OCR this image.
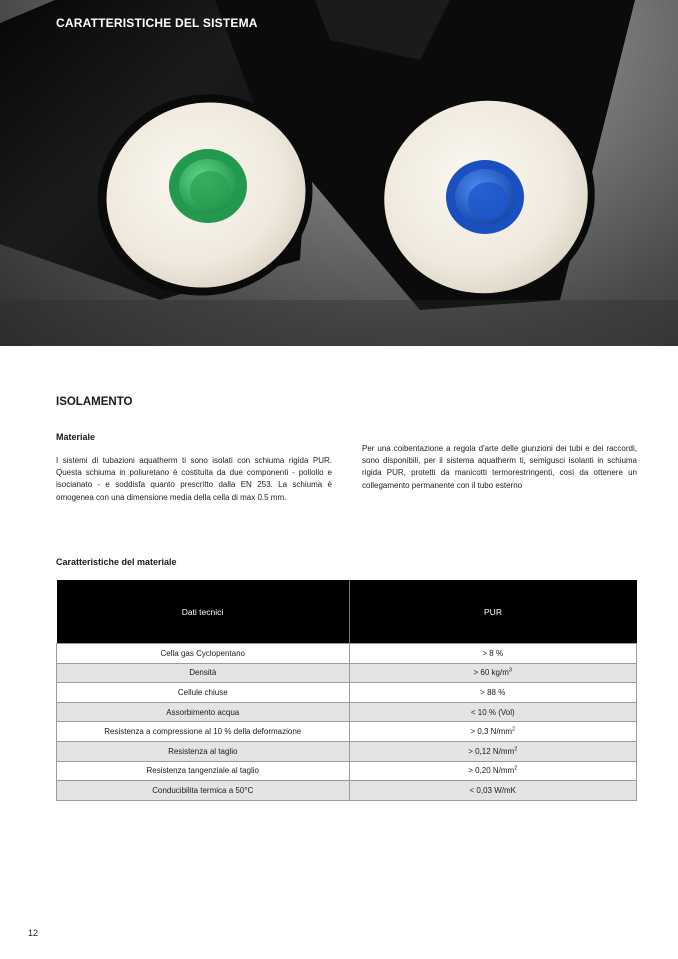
CARATTERISTICHE DEL SISTEMA
ISOLAMENTO
Materiale
I sistemi di tubazioni aquatherm ti sono isolati con schiuma rigida PUR. Questa schiuma in poliuretano è costituita da due componenti - poliolio e isocianato - e soddisfa quanto prescritto dalla EN 253. La schiuma è omogenea con una dimensione media della cella di max 0.5 mm.
Per una coibentazione a regola d'arte delle giunzioni dei tubi e dei raccordi, sono disponibili, per il sistema aquatherm ti, semigusci isolanti in schiuma rigida PUR, protetti da manicotti termorestringenti, così da ottenere un collegamento permanente con il tubo esterno
Caratteristiche del materiale
Dati tecnici	PUR
Cella gas Cyclopentano	> 8 %
Densità	> 60 $kg/m^3$
Cellule chiuse	> 88 %
Assorbimento acqua	< 10 % (Vol)
Resistenza a compressione al 10 % della deformazione	> 0,3 $N/mm^2$
Resistenza al taglio	> 0,12 $N/mm^2$
Resistenza tangenziale al taglio	> 0,20 $N/mm^2$
Conducibilita termica a 50°C	< 0,03 W/mK
12
